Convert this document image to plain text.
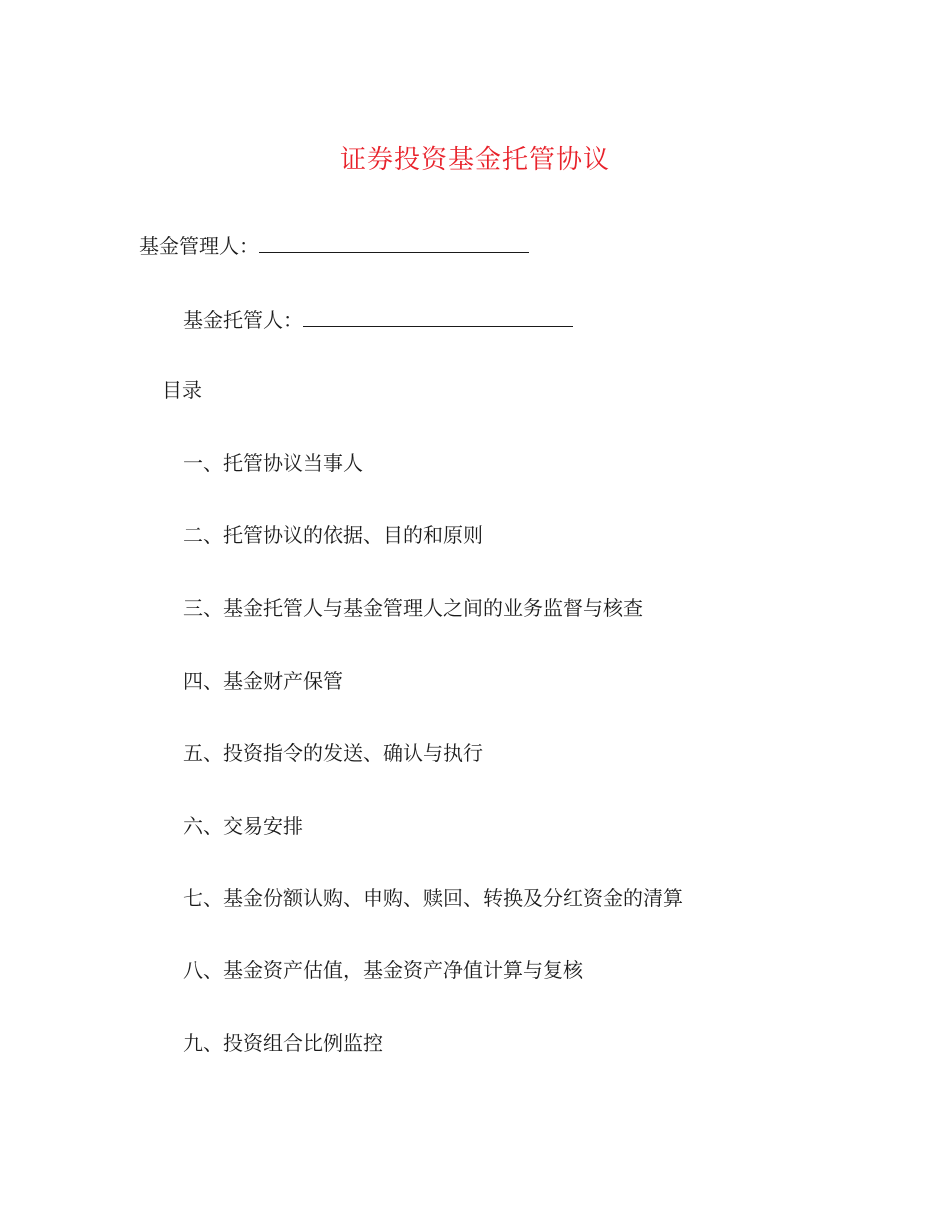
证券投资基金托管协议
基金管理人：
基金托管人：
目录
一、托管协议当事人
二、托管协议的依据、目的和原则
三、基金托管人与基金管理人之间的业务监督与核查
四、基金财产保管
五、投资指令的发送、确认与执行
六、交易安排
七、基金份额认购、申购、赎回、转换及分红资金的清算
八、基金资产估值，基金资产净值计算与复核
九、投资组合比例监控
